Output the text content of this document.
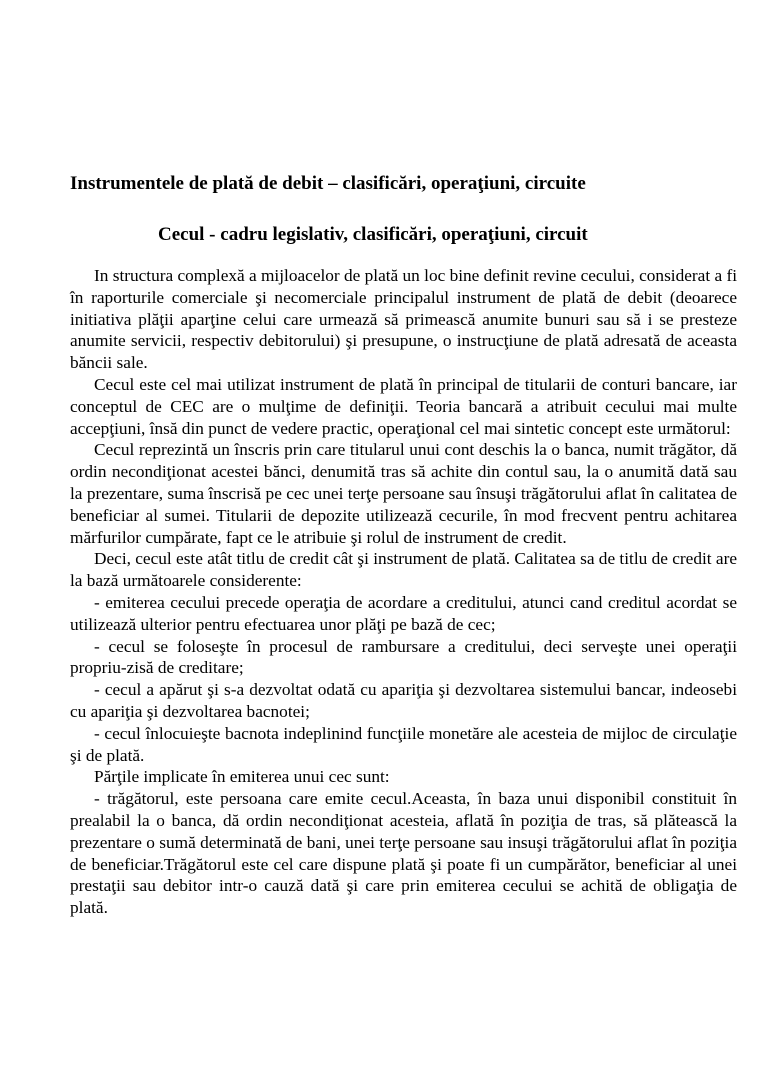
Instrumentele de plată de debit – clasificări, operaţiuni, circuite
Cecul - cadru legislativ, clasificări, operaţiuni, circuit

In structura complexă a mijloacelor de plată un loc bine definit revine cecului, considerat a fi în raporturile comerciale şi necomerciale principalul instrument de plată de debit (deoarece initiativa plăţii aparţine celui care urmează să primească anumite bunuri sau să i se presteze anumite servicii, respectiv debitorului) şi presupune, o instrucţiune de plată adresată de aceasta băncii sale.

Cecul este cel mai utilizat instrument de plată în principal de titularii de conturi bancare, iar conceptul de CEC are o mulţime de definiţii. Teoria bancară a atribuit cecului mai multe accepţiuni, însă din punct de vedere practic, operaţional cel mai sintetic concept este următorul:

Cecul reprezintă un înscris prin care titularul unui cont deschis la o banca, numit trăgător, dă ordin necondiţionat acestei bănci, denumită tras să achite din contul sau, la o anumită dată sau la prezentare, suma înscrisă pe cec unei terţe persoane sau însuşi trăgătorului aflat în calitatea de beneficiar al sumei. Titularii de depozite utilizează cecurile, în mod frecvent pentru achitarea mărfurilor cumpărate, fapt ce le atribuie şi rolul de instrument de credit.

Deci, cecul este atât titlu de credit cât şi instrument de plată. Calitatea sa de titlu de credit are la bază următoarele considerente:

- emiterea cecului precede operaţia de acordare a creditului, atunci cand creditul acordat se utilizează ulterior pentru efectuarea unor plăţi pe bază de cec;

- cecul se foloseşte în procesul de rambursare a creditului, deci serveşte unei operaţii propriu-zisă de creditare;

- cecul a apărut şi s-a dezvoltat odată cu apariţia şi dezvoltarea sistemului bancar, indeosebi cu apariţia şi dezvoltarea bacnotei;

- cecul înlocuieşte bacnota indeplinind funcţiile monetăre ale acesteia de mijloc de circulaţie şi de plată.

Părţile implicate în emiterea unui cec sunt:

- trăgătorul, este persoana care emite cecul.Aceasta, în baza unui disponibil constituit în prealabil la o banca, dă ordin necondiţionat acesteia, aflată în poziţia de tras, să plătească la prezentare o sumă determinată de bani, unei terţe persoane sau insuşi trăgătorului aflat în poziţia de beneficiar.Trăgătorul este cel care dispune plată şi poate fi un cumpărător, beneficiar al unei prestaţii sau debitor intr-o cauză dată şi care prin emiterea cecului se achită de obligaţia de plată.
